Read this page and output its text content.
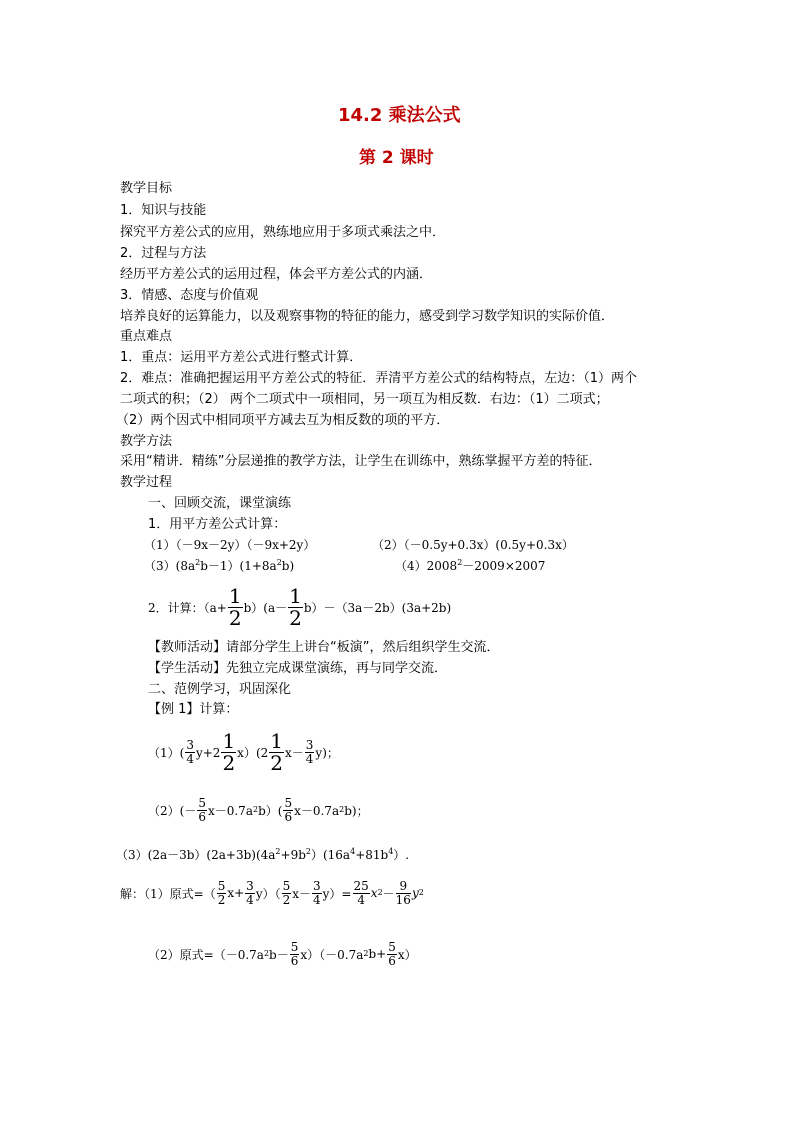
14.2 乘法公式
第 2 课时
教学目标
1．知识与技能
探究平方差公式的应用，熟练地应用于多项式乘法之中．
2．过程与方法
经历平方差公式的运用过程，体会平方差公式的内涵．
3．情感、态度与价值观
培养良好的运算能力，以及观察事物的特征的能力，感受到学习数学知识的实际价值．
重点难点
1．重点：运用平方差公式进行整式计算．
2．难点：准确把握运用平方差公式的特征．弄清平方差公式的结构特点，左边：（1）两个
二项式的积；（2） 两个二项式中一项相同，另一项互为相反数．右边：（1）二项式；
（2）两个因式中相同项平方减去互为相反数的项的平方．
教学方法
采用“精讲．精练”分层递推的教学方法，让学生在训练中，熟练掌握平方差的特征．
教学过程
一、回顾交流，课堂演练
1．用平方差公式计算：
（1）（－9x－2y）（－9x+2y）	（2）（－0.5y+0.3x）(0.5y+0.3x）
$(3)(8a^2b-1)(1+8a^2b)$	$(4)2008^2-2009\times 2007$
2．计算：$(a+ \frac{1}{2} b)(a- \frac{1}{2} b)-(3a-2b)(3a+2b)$
【教师活动】请部分学生上讲台“板演”，然后组织学生交流．
【学生活动】先独立完成课堂演练，再与同学交流．
二、范例学习，巩固深化
【例 1】计算：
$(1)( \frac{3}{4} y+2 \frac{1}{2} x)(2 \frac{1}{2} x- \frac{3}{4} y)$；
$(2)(- \frac{5}{6} x-0.7a$ 2 $b)( \frac{5}{6} x-0.7a$ 2 b)；
$(3)(2a-3b)(2a+3b)(4a^2+9b^2)(16a^4+81b^4)$.
解：（1）原式=（ $\frac{5}{2} x+ \frac{3}{4} y)( \frac{5}{2} x- \frac{3}{4} y)= \frac{25}{4}$ x $2 - \frac{9}{16}$ y 2
（2）原式=（－0.7a 2 $b- \frac{5}{6} x)(-0.7a$ 2 $b+ \frac{5}{6} x$）
